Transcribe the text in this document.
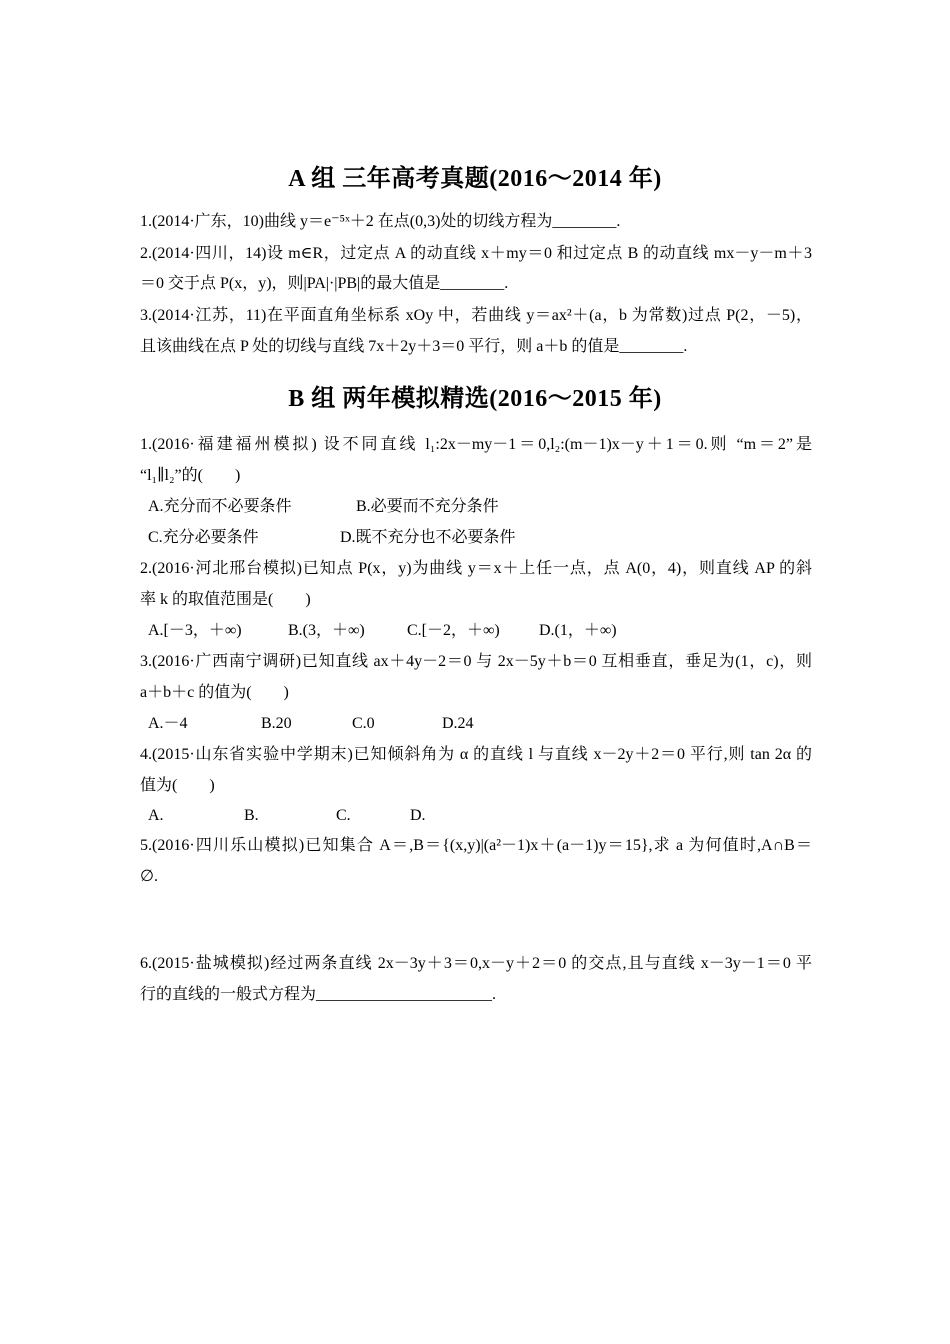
A 组 三年高考真题(2016～2014 年)
1.(2014·广东，10)曲线 y＝e⁻⁵ˣ＋2 在点(0,3)处的切线方程为________.
2.(2014·四川，14)设 m∈R，过定点 A 的动直线 x＋my＝0 和过定点 B 的动直线 mx－y－m＋3
＝0 交于点 P(x，y)，则|PA|·|PB|的最大值是________.
3.(2014·江苏，11)在平面直角坐标系 xOy 中，若曲线 y＝ax²＋(a，b 为常数)过点 P(2，－5)，
且该曲线在点 P 处的切线与直线 7x＋2y＋3＝0 平行，则 a＋b 的值是________.
B 组 两年模拟精选(2016～2015 年)
1.(2016·福建福州模拟) 设不同直线 l₁:2x－my－1＝0,l₂:(m－1)x－y＋1＝0.则 “m＝2”是
“l₁∥l₂”的(　　)
A.充分而不必要条件	B.必要而不充分条件
C.充分必要条件	D.既不充分也不必要条件
2.(2016·河北邢台模拟)已知点 P(x，y)为曲线 y＝x＋上任一点，点 A(0，4)，则直线 AP 的斜
率 k 的取值范围是(　　)
A.[－3，＋∞)	B.(3，＋∞)	C.[－2，＋∞) D.(1，＋∞)
3.(2016·广西南宁调研)已知直线 ax＋4y－2＝0 与 2x－5y＋b＝0 互相垂直，垂足为(1，c)，则
a＋b＋c 的值为(　　)
A.－4	B.20	C.0	D.24
4.(2015·山东省实验中学期末)已知倾斜角为 α 的直线 l 与直线 x－2y＋2＝0 平行,则 tan 2α 的
值为(　　)
A.	B.	C.	D.
5.(2016·四川乐山模拟)已知集合 A＝,B＝{(x,y)|(a²－1)x＋(a－1)y＝15},求 a 为何值时,A∩B＝
∅.
6.(2015·盐城模拟)经过两条直线 2x－3y＋3＝0,x－y＋2＝0 的交点,且与直线 x－3y－1＝0 平
行的直线的一般式方程为______________________.
